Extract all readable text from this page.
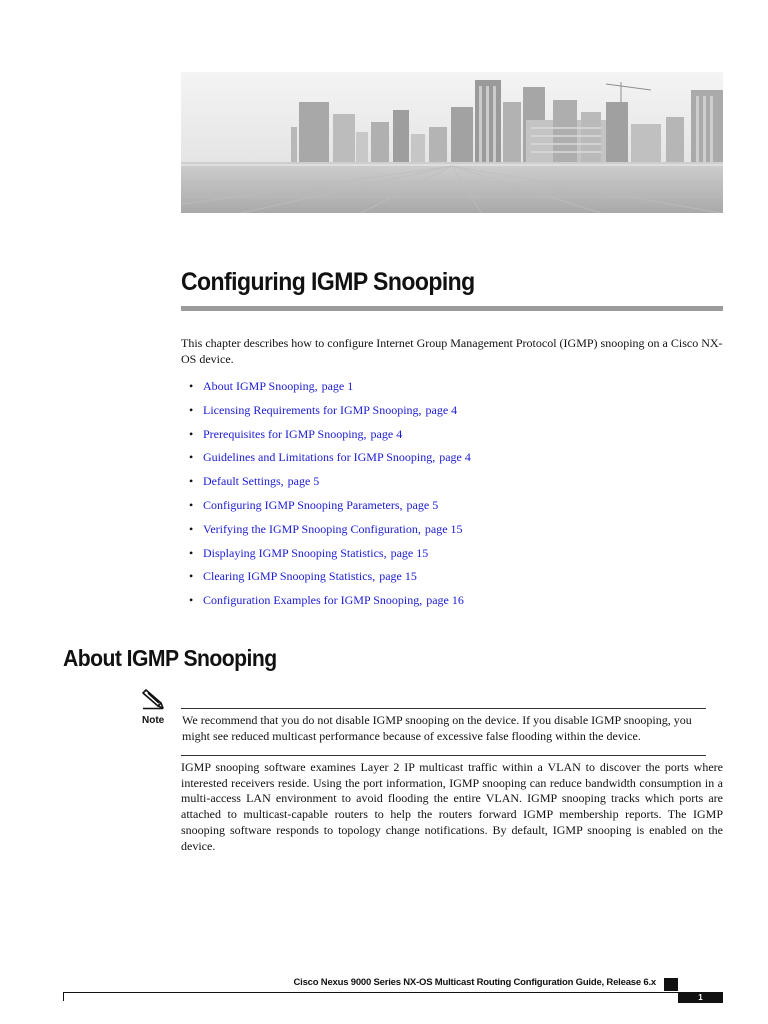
Configuring IGMP Snooping

This chapter describes how to configure Internet Group Management Protocol (IGMP) snooping on a Cisco NX-OS device.

• About IGMP Snooping, page 1
• Licensing Requirements for IGMP Snooping, page 4
• Prerequisites for IGMP Snooping, page 4
• Guidelines and Limitations for IGMP Snooping, page 4
• Default Settings, page 5
• Configuring IGMP Snooping Parameters, page 5
• Verifying the IGMP Snooping Configuration, page 15
• Displaying IGMP Snooping Statistics, page 15
• Clearing IGMP Snooping Statistics, page 15
• Configuration Examples for IGMP Snooping, page 16
About IGMP Snooping
Note We recommend that you do not disable IGMP snooping on the device. If you disable IGMP snooping, you might see reduced multicast performance because of excessive false flooding within the device.

IGMP snooping software examines Layer 2 IP multicast traffic within a VLAN to discover the ports where interested receivers reside. Using the port information, IGMP snooping can reduce bandwidth consumption in a multi-access LAN environment to avoid flooding the entire VLAN. IGMP snooping tracks which ports are attached to multicast-capable routers to help the routers forward IGMP membership reports. The IGMP snooping software responds to topology change notifications. By default, IGMP snooping is enabled on the device.

Cisco Nexus 9000 Series NX-OS Multicast Routing Configuration Guide, Release 6.x
1
